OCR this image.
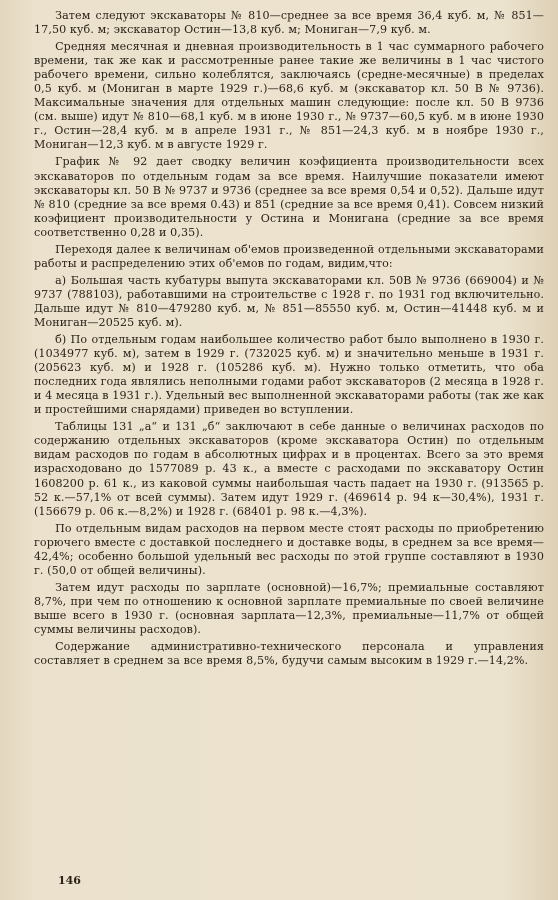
Затем следуют экскаваторы № 810—среднее за все время 36,4 куб. м, № 851—17,50 куб. м; экскаватор Остин—13,8 куб. м; Мониган—7,9 куб. м.

Средняя месячная и дневная производительность в 1 час суммарного рабочего времени, так же как и рассмотренные ранее такие же величины в 1 час чистого рабочего времени, сильно колеблятся, заключаясь (средне-месячные) в пределах 0,5 куб. м (Мониган в марте 1929 г.)—68,6 куб. м (экскаватор кл. 50 В № 9736). Максимальные значения для отдельных машин следующие: после кл. 50 В 9736 (см. выше) идут № 810—68,1 куб. м в июне 1930 г., № 9737—60,5 куб. м в июне 1930 г., Остин—28,4 куб. м в апреле 1931 г., № 851—24,3 куб. м в ноябре 1930 г., Мониган—12,3 куб. м в августе 1929 г.

График № 92 дает сводку величин коэфициента производительности всех экскаваторов по отдельным годам за все время. Наилучшие показатели имеют экскаваторы кл. 50 В № 9737 и 9736 (среднее за все время 0,54 и 0,52). Дальше идут № 810 (средние за все время 0.43) и 851 (средние за все время 0,41). Совсем низкий коэфициент производительности у Остина и Монигана (средние за все время соответственно 0,28 и 0,35).

Переходя далее к величинам об'емов произведенной отдельными экскаваторами работы и распределению этих об'емов по годам, видим,что:

а) Большая часть кубатуры выпута экскаваторами кл. 50В № 9736 (669004) и № 9737 (788103), работавшими на строительстве с 1928 г. по 1931 год включительно. Дальше идут № 810—479280 куб. м, № 851—85550 куб. м, Остин—41448 куб. м и Мониган—20525 куб. м).

б) По отдельным годам наибольшее количество работ было выполнено в 1930 г. (1034977 куб. м), затем в 1929 г. (732025 куб. м) и значительно меньше в 1931 г. (205623 куб. м) и 1928 г. (105286 куб. м). Нужно только отметить, что оба последних года являлись неполными годами работ экскаваторов (2 месяца в 1928 г. и 4 месяца в 1931 г.). Удельный вес выполненной экскаваторами работы (так же как и простейшими снарядами) приведен во вступлении.

Таблицы 131 „а“ и 131 „б“ заключают в себе данные о величинах расходов по содержанию отдельных экскаваторов (кроме экскаватора Остин) по отдельным видам расходов по годам в абсолютных цифрах и в процентах. Всего за это время израсходовано до 1577089 р. 43 к., а вместе с расходами по экскаватору Остин 1608200 р. 61 к., из каковой суммы наибольшая часть падает на 1930 г. (913565 р. 52 к.—57,1% от всей суммы). Затем идут 1929 г. (469614 р. 94 к—30,4%), 1931 г. (156679 р. 06 к.—8,2%) и 1928 г. (68401 р. 98 к.—4,3%).

По отдельным видам расходов на первом месте стоят расходы по приобретению горючего вместе с доставкой последнего и доставке воды, в среднем за все время—42,4%; особенно большой удельный вес расходы по этой группе составляют в 1930 г. (50,0 от общей величины).

Затем идут расходы по зарплате (основной)—16,7%; премиальные составляют 8,7%, при чем по отношению к основной зарплате премиальные по своей величине выше всего в 1930 г. (основная зарплата—12,3%, премиальные—11,7% от общей суммы величины расходов).

Содержание административно-технического персонала и управления составляет в среднем за все время 8,5%, будучи самым высоким в 1929 г.—14,2%.

146
